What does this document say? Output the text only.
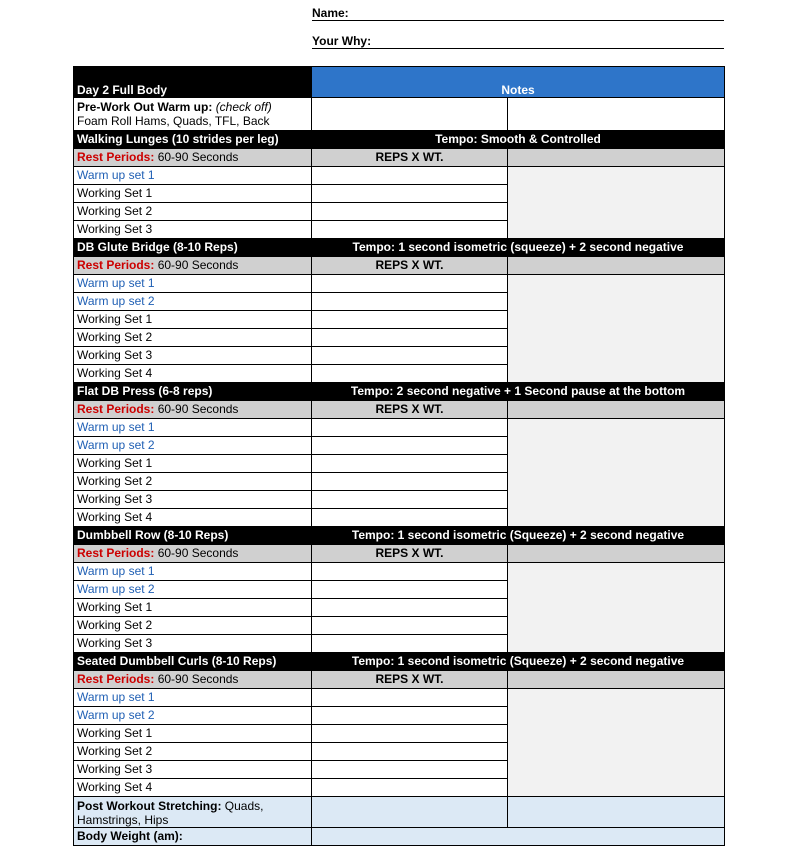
Name:
Your Why:
Day 2 Full Body	Notes
Pre-Work Out Warm up: (check off)
Foam Roll Hams, Quads, TFL, Back
Walking Lunges (10 strides per leg)	Tempo: Smooth & Controlled
Rest Periods: 60-90 Seconds	REPS X WT.
Warm up set 1
Working Set 1
Working Set 2
Working Set 3
DB Glute Bridge (8-10 Reps)	Tempo: 1 second isometric (squeeze) + 2 second negative
Rest Periods: 60-90 Seconds	REPS X WT.
Warm up set 1
Warm up set 2
Working Set 1
Working Set 2
Working Set 3
Working Set 4
Flat DB Press (6-8 reps)	Tempo: 2 second negative + 1 Second pause at the bottom
Rest Periods: 60-90 Seconds	REPS X WT.
Warm up set 1
Warm up set 2
Working Set 1
Working Set 2
Working Set 3
Working Set 4
Dumbbell Row (8-10 Reps)	Tempo: 1 second isometric (Squeeze) + 2 second negative
Rest Periods: 60-90 Seconds	REPS X WT.
Warm up set 1
Warm up set 2
Working Set 1
Working Set 2
Working Set 3
Seated Dumbbell Curls (8-10 Reps)	Tempo: 1 second isometric (Squeeze) + 2 second negative
Rest Periods: 60-90 Seconds	REPS X WT.
Warm up set 1
Warm up set 2
Working Set 1
Working Set 2
Working Set 3
Working Set 4
Post Workout Stretching: Quads, Hamstrings, Hips
Body Weight (am):
